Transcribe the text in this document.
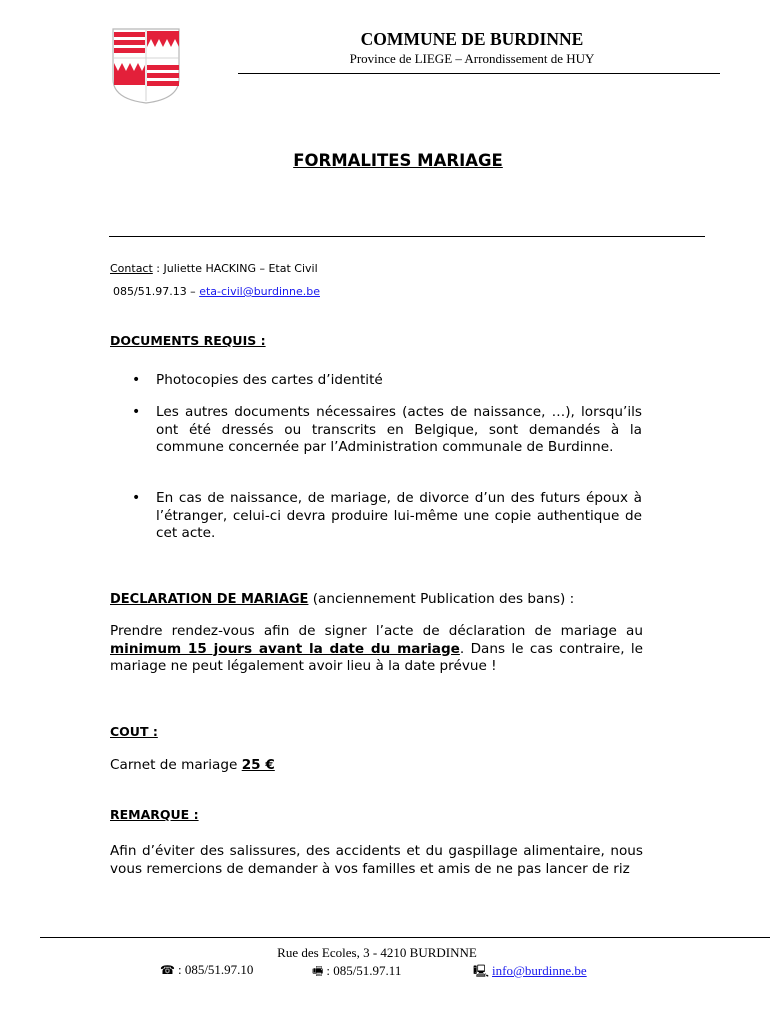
COMMUNE DE BURDINNE
Province de LIEGE – Arrondissement de HUY
FORMALITES MARIAGE
Contact : Juliette HACKING – Etat Civil
085/51.97.13 – eta-civil@burdinne.be
DOCUMENTS REQUIS :
• Photocopies des cartes d’identité
• Les autres documents nécessaires (actes de naissance, …), lorsqu’ils ont été dressés ou transcrits en Belgique, sont demandés à la commune concernée par l’Administration communale de Burdinne.
• En cas de naissance, de mariage, de divorce d’un des futurs époux à l’étranger, celui-ci devra produire lui-même une copie authentique de cet acte.
DECLARATION DE MARIAGE (anciennement Publication des bans) :
Prendre rendez-vous afin de signer l’acte de déclaration de mariage au minimum 15 jours avant la date du mariage. Dans le cas contraire, le mariage ne peut légalement avoir lieu à la date prévue !
COUT :
Carnet de mariage 25 €
REMARQUE :
Afin d’éviter des salissures, des accidents et du gaspillage alimentaire, nous vous remercions de demander à vos familles et amis de ne pas lancer de riz
Rue des Ecoles, 3 - 4210 BURDINNE
☎ : 085/51.97.10	🖷 : 085/51.97.11	🖳 info@burdinne.be
